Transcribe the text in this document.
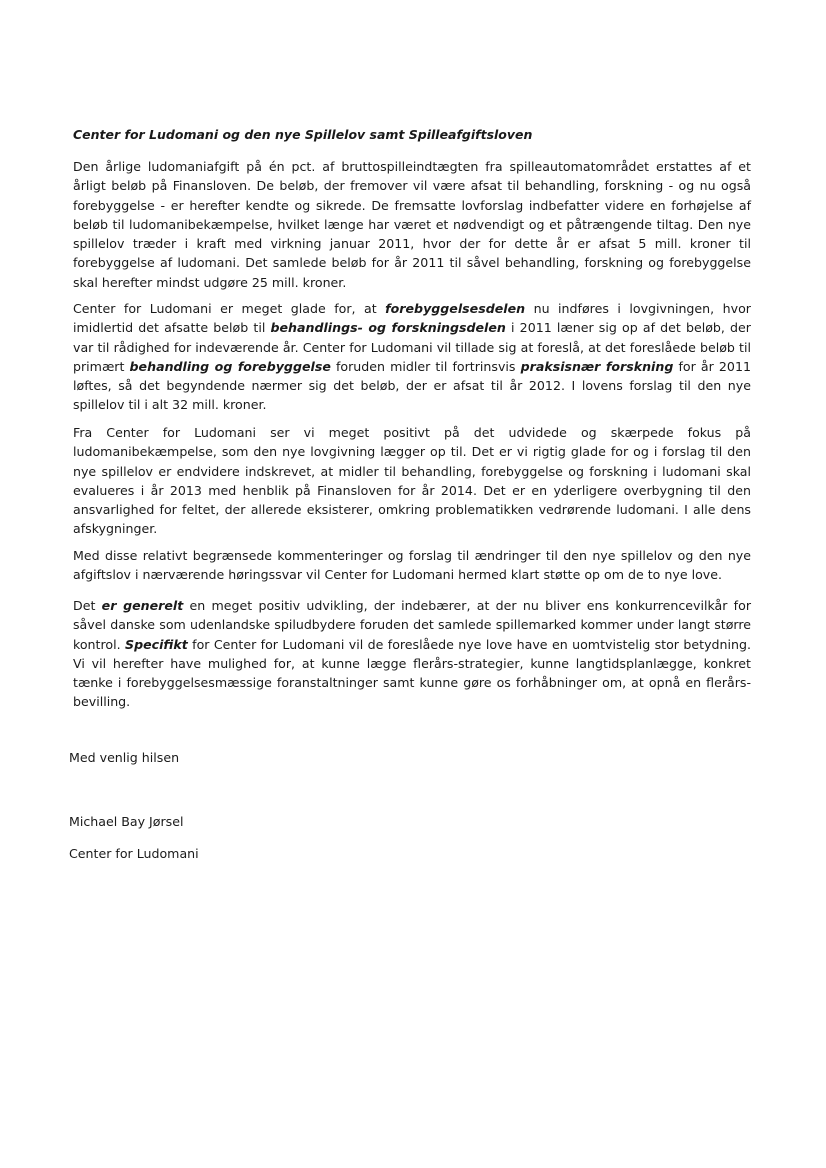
Center for Ludomani og den nye Spillelov samt Spilleafgiftsloven

Den årlige ludomaniafgift på én pct. af bruttospilleindtægten fra spilleautomatområdet erstattes af et årligt beløb på Finansloven. De beløb, der fremover vil være afsat til behandling, forskning - og nu også forebyggelse - er herefter kendte og sikrede. De fremsatte lovforslag indbefatter videre en forhøjelse af beløb til ludomanibekæmpelse, hvilket længe har været et nødvendigt og et påtrængende tiltag. Den nye spillelov træder i kraft med virkning januar 2011, hvor der for dette år er afsat 5 mill. kroner til forebyggelse af ludomani. Det samlede beløb for år 2011 til såvel behandling, forskning og forebyggelse skal herefter mindst udgøre 25 mill. kroner.

Center for Ludomani er meget glade for, at forebyggelsesdelen nu indføres i lovgivningen, hvor imidlertid det afsatte beløb til behandlings- og forskningsdelen i 2011 læner sig op af det beløb, der var til rådighed for indeværende år. Center for Ludomani vil tillade sig at foreslå, at det foreslåede beløb til primært behandling og forebyggelse foruden midler til fortrinsvis praksisnær forskning for år 2011 løftes, så det begyndende nærmer sig det beløb, der er afsat til år 2012. I lovens forslag til den nye spillelov til i alt 32 mill. kroner.

Fra Center for Ludomani ser vi meget positivt på det udvidede og skærpede fokus på ludomanibekæmpelse, som den nye lovgivning lægger op til. Det er vi rigtig glade for og i forslag til den nye spillelov er endvidere indskrevet, at midler til behandling, forebyggelse og forskning i ludomani skal evalueres i år 2013 med henblik på Finansloven for år 2014. Det er en yderligere overbygning til den ansvarlighed for feltet, der allerede eksisterer, omkring problematikken vedrørende ludomani. I alle dens afskygninger.

Med disse relativt begrænsede kommenteringer og forslag til ændringer til den nye spillelov og den nye afgiftslov i nærværende høringssvar vil Center for Ludomani hermed klart støtte op om de to nye love.

Det er generelt en meget positiv udvikling, der indebærer, at der nu bliver ens konkurrencevilkår for såvel danske som udenlandske spiludbydere foruden det samlede spillemarked kommer under langt større kontrol. Specifikt for Center for Ludomani vil de foreslåede nye love have en uomtvistelig stor betydning. Vi vil herefter have mulighed for, at kunne lægge flerårs-strategier, kunne langtidsplanlægge, konkret tænke i forebyggelsesmæssige foranstaltninger samt kunne gøre os forhåbninger om, at opnå en flerårs-bevilling.

Med venlig hilsen

Michael Bay Jørsel

Center for Ludomani
